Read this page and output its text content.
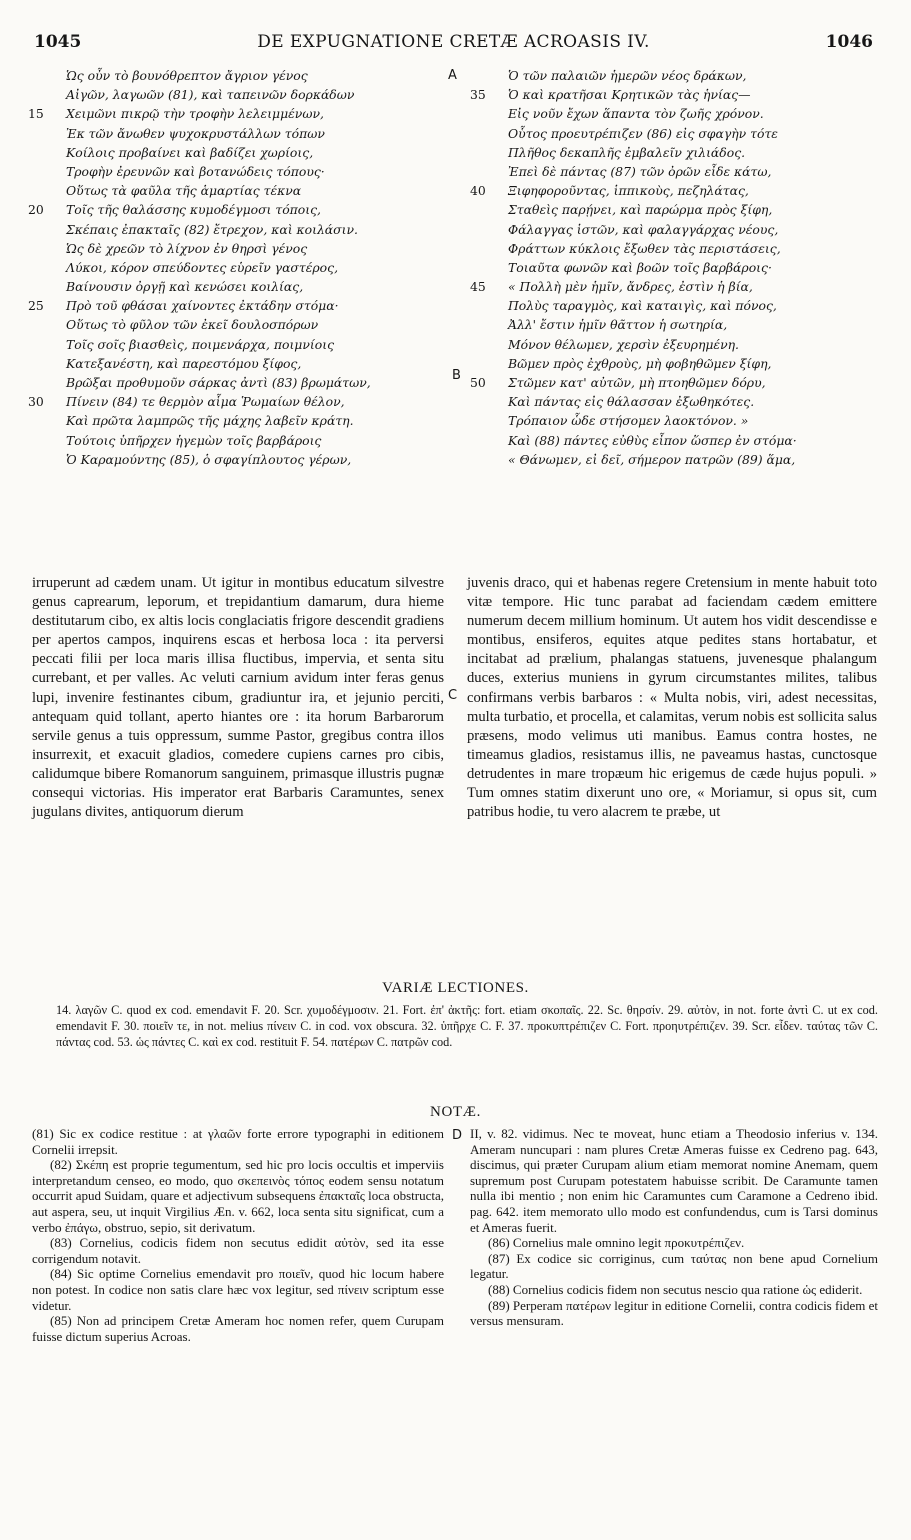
1045	DE EXPUGNATIONE CRETÆ ACROASIS IV.	1046
Ὡς οὖν τὸ βουνόθρεπτον ἄγριον γένος
Αἰγῶν, λαγωῶν (81), καὶ ταπεινῶν δορκάδων
15	Χειμῶνι πικρῷ τὴν τροφὴν λελειμμένων,
Ἐκ τῶν ἄνωθεν ψυχοκρυστάλλων τόπων
Κοίλοις προβαίνει καὶ βαδίζει χωρίοις,
Τροφὴν ἐρευνῶν καὶ βοτανώδεις τόπους·
Οὕτως τὰ φαῦλα τῆς ἁμαρτίας τέκνα
20	Τοῖς τῆς θαλάσσης κυμοδέγμοσι τόποις,
Σκέπαις ἐπακταῖς (82) ἔτρεχον, καὶ κοιλάσιν.
Ὡς δὲ χρεῶν τὸ λίχνον ἐν θηρσὶ γένος
Λύκοι, κόρον σπεύδοντες εὑρεῖν γαστέρος,
Βαίνουσιν ὀργῇ καὶ κενώσει κοιλίας,
25	Πρὸ τοῦ φθάσαι χαίνοντες ἐκτάδην στόμα·
Οὕτως τὸ φῦλον τῶν ἐκεῖ δουλοσπόρων
Τοῖς σοῖς βιασθεὶς, ποιμενάρχα, ποιμνίοις
Κατεξανέστη, καὶ παρεστόμου ξίφος,
Βρῶξαι προθυμοῦν σάρκας ἀντὶ (83) βρωμάτων,
30	Πίνειν (84) τε θερμὸν αἷμα Ῥωμαίων θέλον,
Καὶ πρῶτα λαμπρῶς τῆς μάχης λαβεῖν κράτη.
Τούτοις ὑπῆρχεν ἡγεμὼν τοῖς βαρβάροις
Ὁ Καραμούντης (85), ὁ σφαγίπλουτος γέρων,
Ὁ τῶν παλαιῶν ἡμερῶν νέος δράκων,
35	Ὁ καὶ κρατῆσαι Κρητικῶν τὰς ἡνίας—
Εἰς νοῦν ἔχων ἅπαντα τὸν ζωῆς χρόνον.
Οὗτος προευτρέπιζεν (86) εἰς σφαγὴν τότε
Πλῆθος δεκαπλῆς ἐμβαλεῖν χιλιάδος.
Ἐπεὶ δὲ πάντας (87) τῶν ὀρῶν εἶδε κάτω,
40	Ξιφηφοροῦντας, ἱππικοὺς, πεζηλάτας,
Σταθεὶς παρῄνει, καὶ παρώρμα πρὸς ξίφη,
Φάλαγγας ἱστῶν, καὶ φαλαγγάρχας νέους,
Φράττων κύκλοις ἔξωθεν τὰς περιστάσεις,
Τοιαῦτα φωνῶν καὶ βοῶν τοῖς βαρβάροις·
45	« Πολλὴ μὲν ἡμῖν, ἄνδρες, ἐστὶν ἡ βία,
Πολὺς ταραγμὸς, καὶ καταιγὶς, καὶ πόνος,
Ἀλλ' ἔστιν ἡμῖν θᾶττον ἡ σωτηρία,
Μόνον θέλωμεν, χερσὶν ἐξευρημένη.
Βῶμεν πρὸς ἐχθροὺς, μὴ φοβηθῶμεν ξίφη,
50	Στῶμεν κατ' αὐτῶν, μὴ πτοηθῶμεν δόρυ,
Καὶ πάντας εἰς θάλασσαν ἐξωθηκότες.
Τρόπαιον ὧδε στήσομεν λαοκτόνον. »
Καὶ (88) πάντες εὐθὺς εἶπον ὥσπερ ἐν στόμα·
« Θάνωμεν, εἰ δεῖ, σήμερον πατρῶν (89) ἅμα,
A
B
C
D
irruperunt ad cædem unam. Ut igitur in montibus educatum silvestre genus caprearum, leporum, et trepidantium damarum, dura hieme destitutarum cibo, ex altis locis conglaciatis frigore descendit gradiens per apertos campos, inquirens escas et herbosa loca : ita perversi peccati filii per loca maris illisa fluctibus, impervia, et senta situ currebant, et per valles. Ac veluti carnium avidum inter feras genus lupi, invenire festinantes cibum, gradiuntur ira, et jejunio perciti, antequam quid tollant, aperto hiantes ore : ita horum Barbarorum servile genus a tuis oppressum, summe Pastor, gregibus contra illos insurrexit, et exacuit gladios, comedere cupiens carnes pro cibis, calidumque bibere Romanorum sanguinem, primasque illustris pugnæ consequi victorias. His imperator erat Barbaris Caramuntes, senex jugulans divites, antiquorum dierum
juvenis draco, qui et habenas regere Cretensium in mente habuit toto vitæ tempore. Hic tunc parabat ad faciendam cædem emittere numerum decem millium hominum. Ut autem hos vidit descendisse e montibus, ensiferos, equites atque pedites stans hortabatur, et incitabat ad prælium, phalangas statuens, juvenesque phalangum duces, exterius muniens in gyrum circumstantes milites, talibus confirmans verbis barbaros : « Multa nobis, viri, adest necessitas, multa turbatio, et procella, et calamitas, verum nobis est sollicita salus præsens, modo velimus uti manibus. Eamus contra hostes, ne timeamus gladios, resistamus illis, ne paveamus hastas, cunctosque detrudentes in mare tropæum hic erigemus de cæde hujus populi. » Tum omnes statim dixerunt uno ore, « Moriamur, si opus sit, cum patribus hodie, tu vero alacrem te præbe, ut
VARIÆ LECTIONES.
14. λαγῶν C. quod ex cod. emendavit F. 20. Scr. χυμοδέγμοσιν. 21. Fort. ἐπ' ἀκτῆς: fort. etiam σκοπαῖς. 22. Sc. θηρσίν. 29. αὐτὸν, in not. forte ἀντὶ C. ut ex cod. emendavit F. 30. ποιεῖν τε, in not. melius πίνειν C. in cod. vox obscura. 32. ὑπῆρχε C. F. 37. προκυπτρέπιζεν C. Fort. προηυτρέπιζεν. 39. Scr. εἶδεν. ταύτας τῶν C. πάντας cod. 53. ὡς πάντες C. καὶ ex cod. restituit F. 54. πατέρων C. πατρῶν cod.
NOTÆ.

(81) Sic ex codice restitue : at γλαῶν forte errore typographi in editionem Cornelii irrepsit.

(82) Σκέπη est proprie tegumentum, sed hic pro locis occultis et imperviis interpretandum censeo, eo modo, quo σκεπεινὸς τόπος eodem sensu notatum occurrit apud Suidam, quare et adjectivum subsequens ἐπακταῖς loca obstructa, aut aspera, seu, ut inquit Virgilius Æn. v. 662, loca senta situ significat, cum a verbo ἐπάγω, obstruo, sepio, sit derivatum.

(83) Cornelius, codicis fidem non secutus edidit αὐτὸν, sed ita esse corrigendum notavit.

(84) Sic optime Cornelius emendavit pro ποιεῖν, quod hic locum habere non potest. In codice non satis clare hæc vox legitur, sed πίνειν scriptum esse videtur.

(85) Non ad principem Cretæ Ameram hoc nomen refer, quem Curupam fuisse dictum superius Acroas.

II, v. 82. vidimus. Nec te moveat, hunc etiam a Theodosio inferius v. 134. Ameram nuncupari : nam plures Cretæ Ameras fuisse ex Cedreno pag. 643, discimus, qui præter Curupam alium etiam memorat nomine Anemam, quem supremum post Curupam potestatem habuisse scribit. De Caramunte tamen nulla ibi mentio ; non enim hic Caramuntes cum Caramone a Cedreno ibid. pag. 642. item memorato ullo modo est confundendus, cum is Tarsi dominus et Ameras fuerit.

(86) Cornelius male omnino legit προκυτρέπιζεν.

(87) Ex codice sic corriginus, cum ταύτας non bene apud Cornelium legatur.

(88) Cornelius codicis fidem non secutus nescio qua ratione ὡς ediderit.

(89) Perperam πατέρων legitur in editione Cornelii, contra codicis fidem et versus mensuram.
